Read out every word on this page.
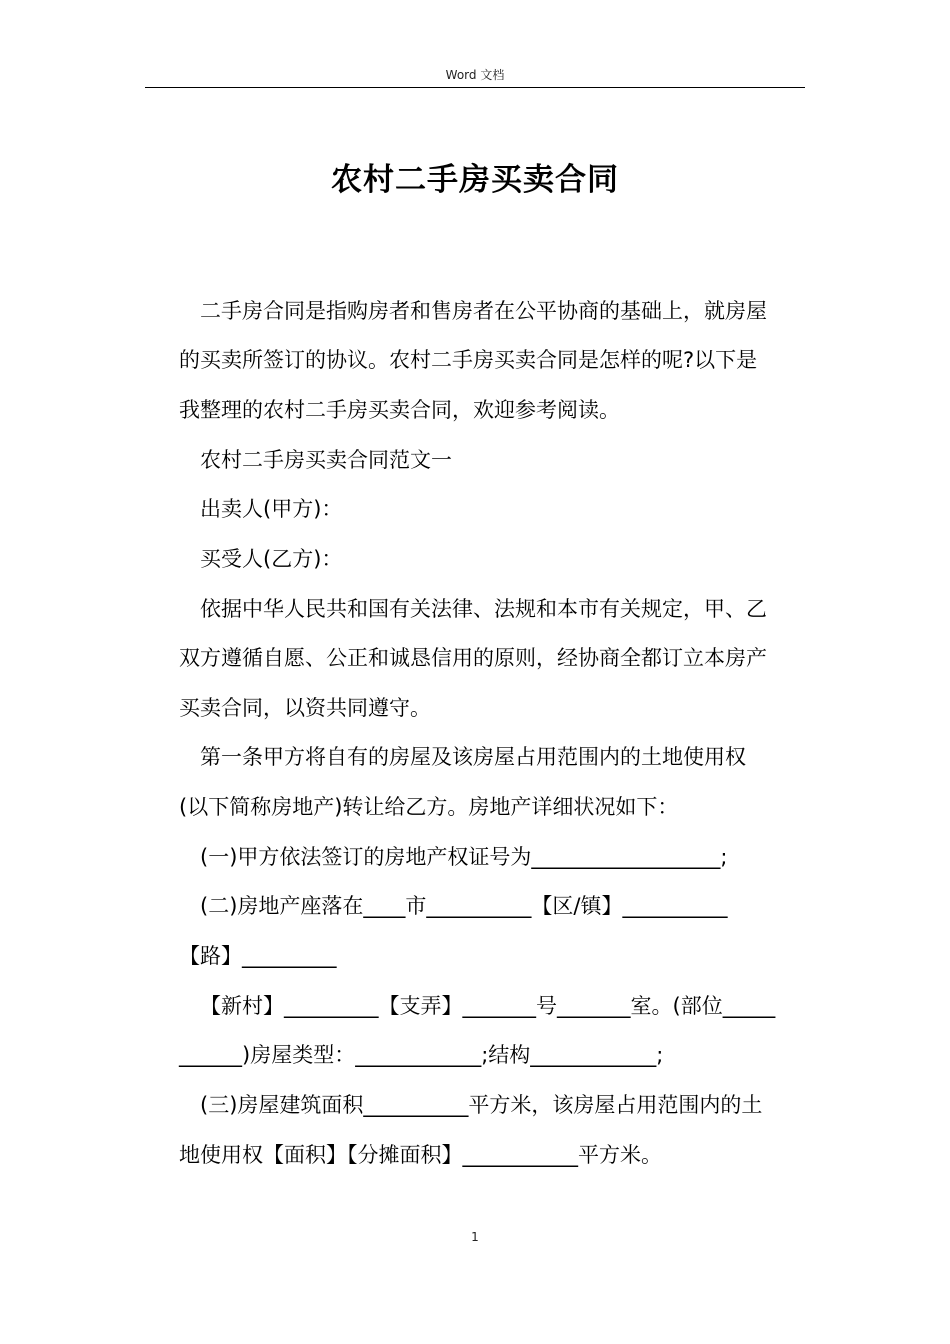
Word 文档
农村二手房买卖合同
二手房合同是指购房者和售房者在公平协商的基础上，就房屋
的买卖所签订的协议。农村二手房买卖合同是怎样的呢?以下是
我整理的农村二手房买卖合同，欢迎参考阅读。
农村二手房买卖合同范文一
出卖人(甲方)：
买受人(乙方)：
依据中华人民共和国有关法律、法规和本市有关规定，甲、乙
双方遵循自愿、公正和诚恳信用的原则，经协商全都订立本房产
买卖合同，以资共同遵守。
第一条甲方将自有的房屋及该房屋占用范围内的土地使用权
(以下简称房地产)转让给乙方。房地产详细状况如下：
(一)甲方依法签订的房地产权证号为__________________;
(二)房地产座落在____市__________【区/镇】__________
【路】_________
【新村】_________【支弄】_______号_______室。(部位_____
______)房屋类型：____________;结构____________;
(三)房屋建筑面积__________平方米，该房屋占用范围内的土
地使用权【面积】【分摊面积】___________平方米。
1
